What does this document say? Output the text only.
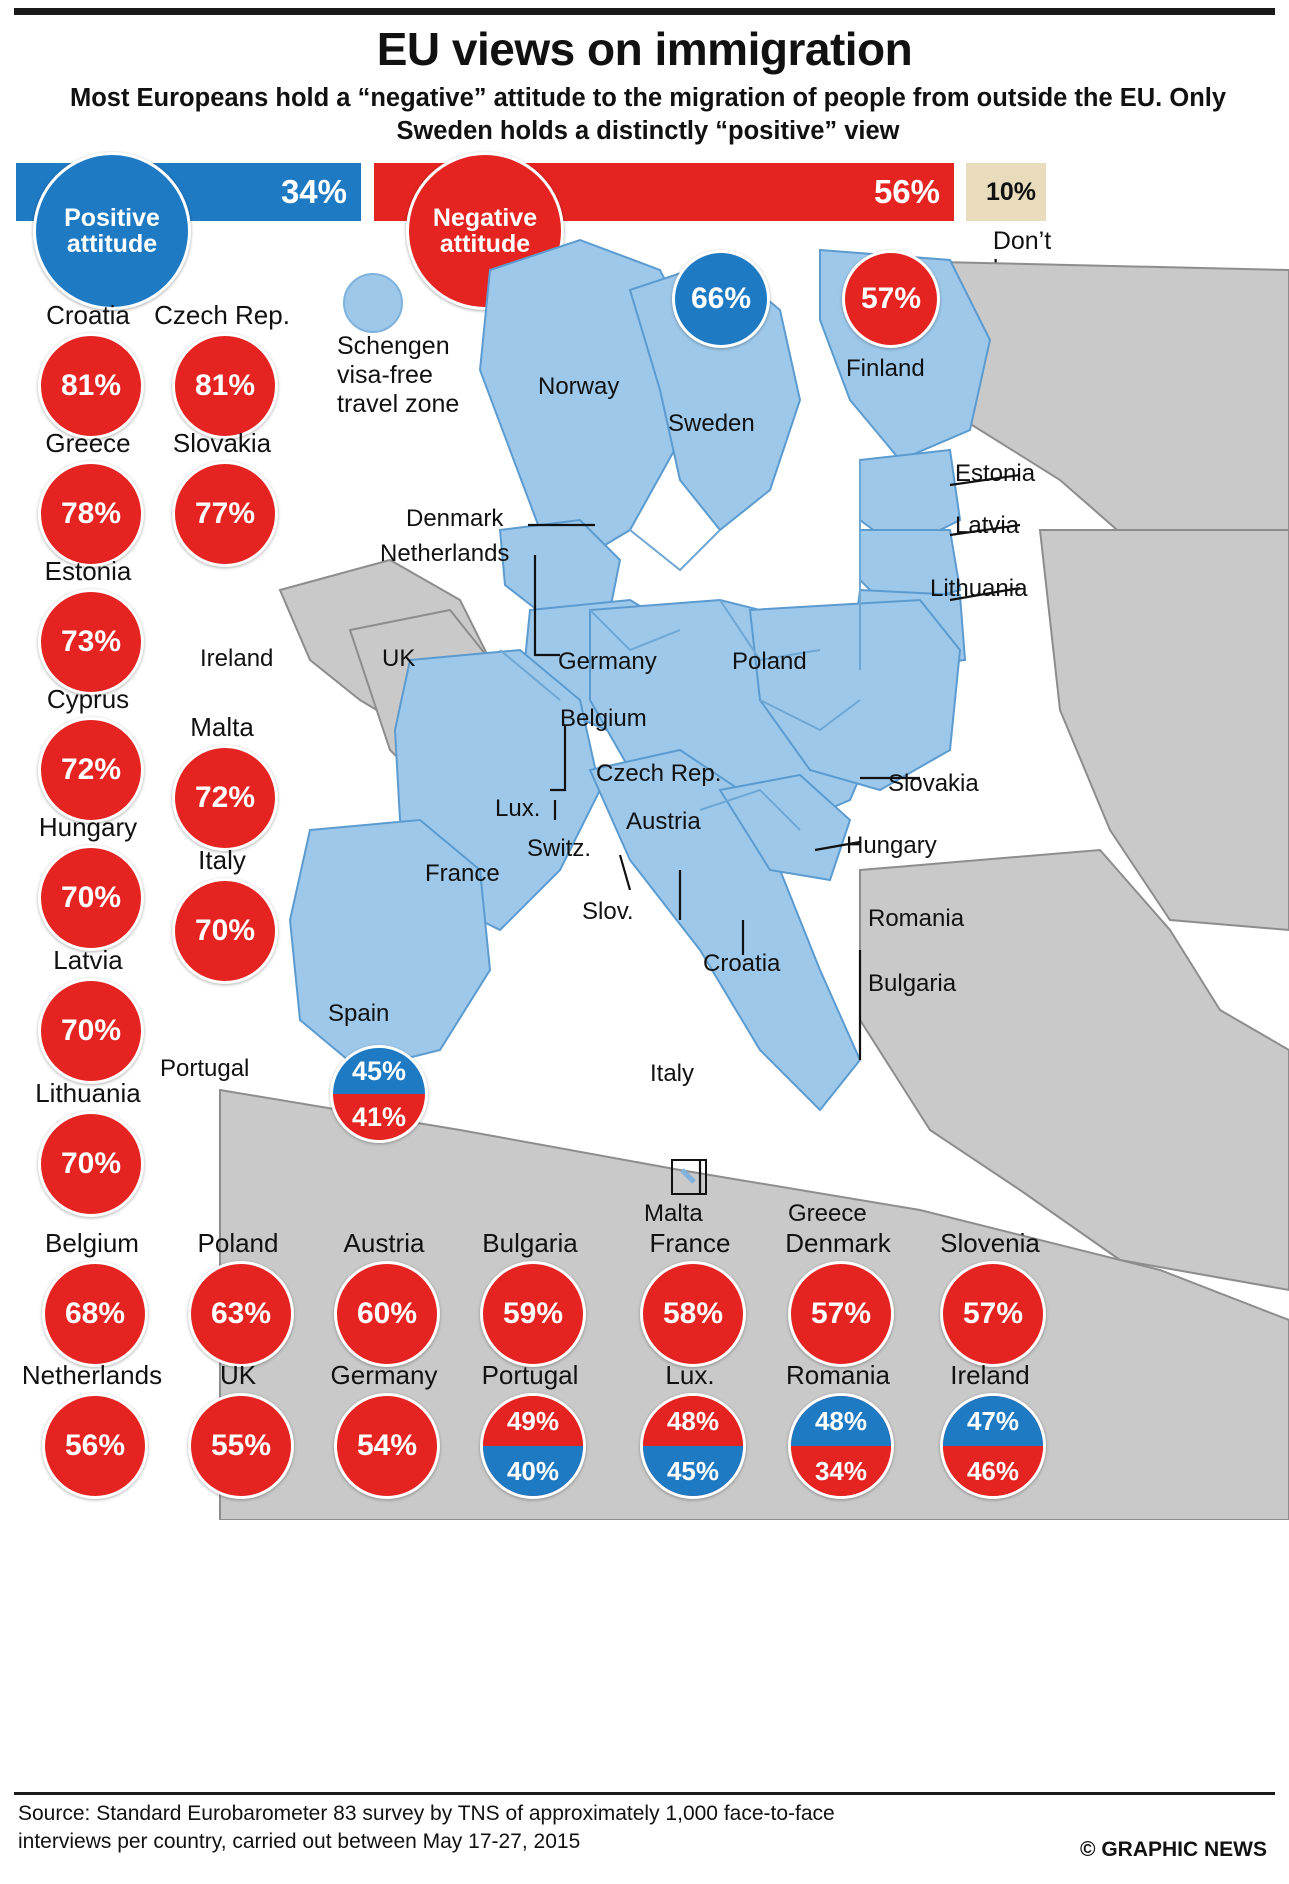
EU views on immigration
Most Europeans hold a “negative” attitude to the migration of people from outside the EU. Only Sweden holds a distinctly “positive” view
34%	56% 10%
Don’t
Positive
attitude
Negative
attitude
Schengen
visa-free
travel zone
Norway
Sweden
Finland
Estonia
Latvia
Lithuania
Denmark
Netherlands
Ireland	UK	Germany	Poland
Belgium
Czech Rep.
Lux.	Austria
Slovakia
Switz.	Hungary
France
Slov.	Romania
Croatia
Bulgaria
Spain
Portugal	Italy
Malta	Greece
66%	57%
45%
41%
Croatia
81%
Greece
78%
Estonia
73%
Cyprus
72%
Hungary
70%
Latvia
70%
Lithuania
70%
Czech Rep.
81%
Slovakia
77%
Malta
72%
Italy
70%
Belgium
68%
Poland
63%
Austria
60%
Bulgaria
59%
France
58%
Denmark
57%
Slovenia
57%
Netherlands
56%
UK
55%
Germany
54%
Portugal
49%
40%
Lux.
48%
45%
Romania
48%
34%
Ireland
47%
46%
Source: Standard Eurobarometer 83 survey by TNS of approximately 1,000 face-to-face
interviews per country, carried out between May 17-27, 2015	© GRAPHIC NEWS
